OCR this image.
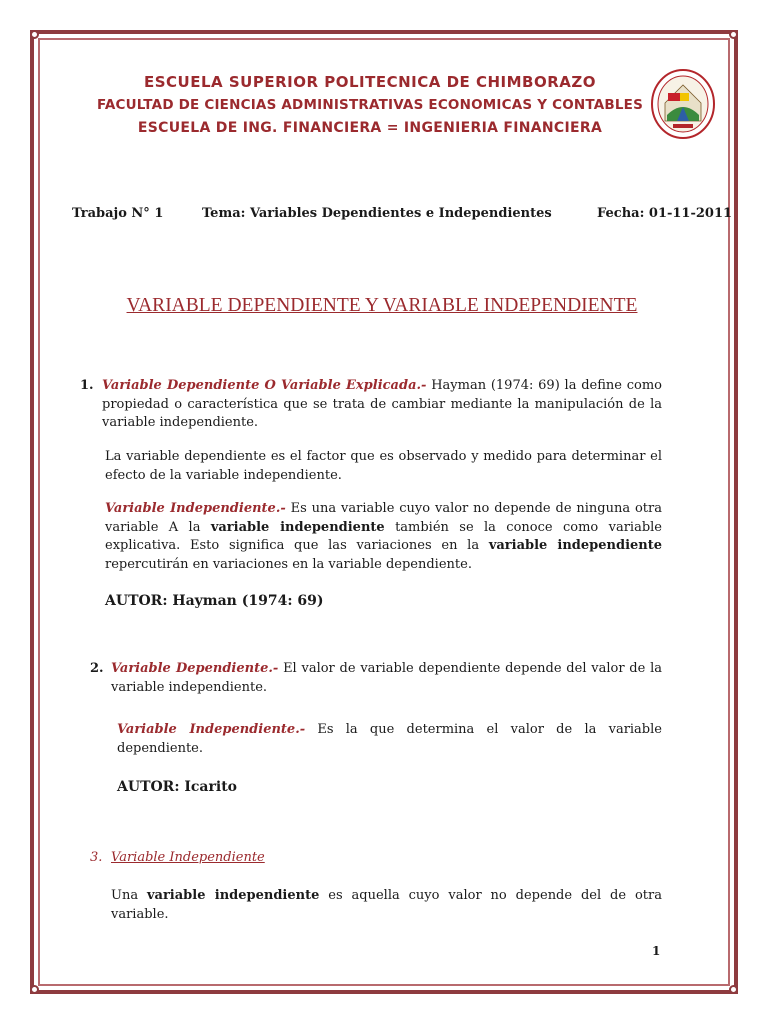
ESCUELA SUPERIOR POLITECNICA DE CHIMBORAZO
FACULTAD DE CIENCIAS ADMINISTRATIVAS ECONOMICAS Y CONTABLES
ESCUELA DE ING. FINANCIERA = INGENIERIA FINANCIERA
Trabajo N° 1	Tema: Variables Dependientes e Independientes	Fecha: 01-11-2011
VARIABLE DEPENDIENTE Y VARIABLE INDEPENDIENTE
1. Variable Dependiente O Variable Explicada.- Hayman (1974: 69) la define como propiedad o característica que se trata de cambiar mediante la manipulación de la variable independiente.

La variable dependiente es el factor que es observado y medido para determinar el efecto de la variable independiente.

Variable Independiente.- Es una variable cuyo valor no depende de ninguna otra variable A la variable independiente también se la conoce como variable explicativa. Esto significa que las variaciones en la variable independiente repercutirán en variaciones en la variable dependiente.

AUTOR: Hayman (1974: 69)
2. Variable Dependiente.- El valor de variable dependiente depende del valor de la variable independiente.

Variable Independiente.- Es la que determina el valor de la variable dependiente.

AUTOR: Icarito
3. Variable Independiente

Una variable independiente es aquella cuyo valor no depende del de otra variable.

1
